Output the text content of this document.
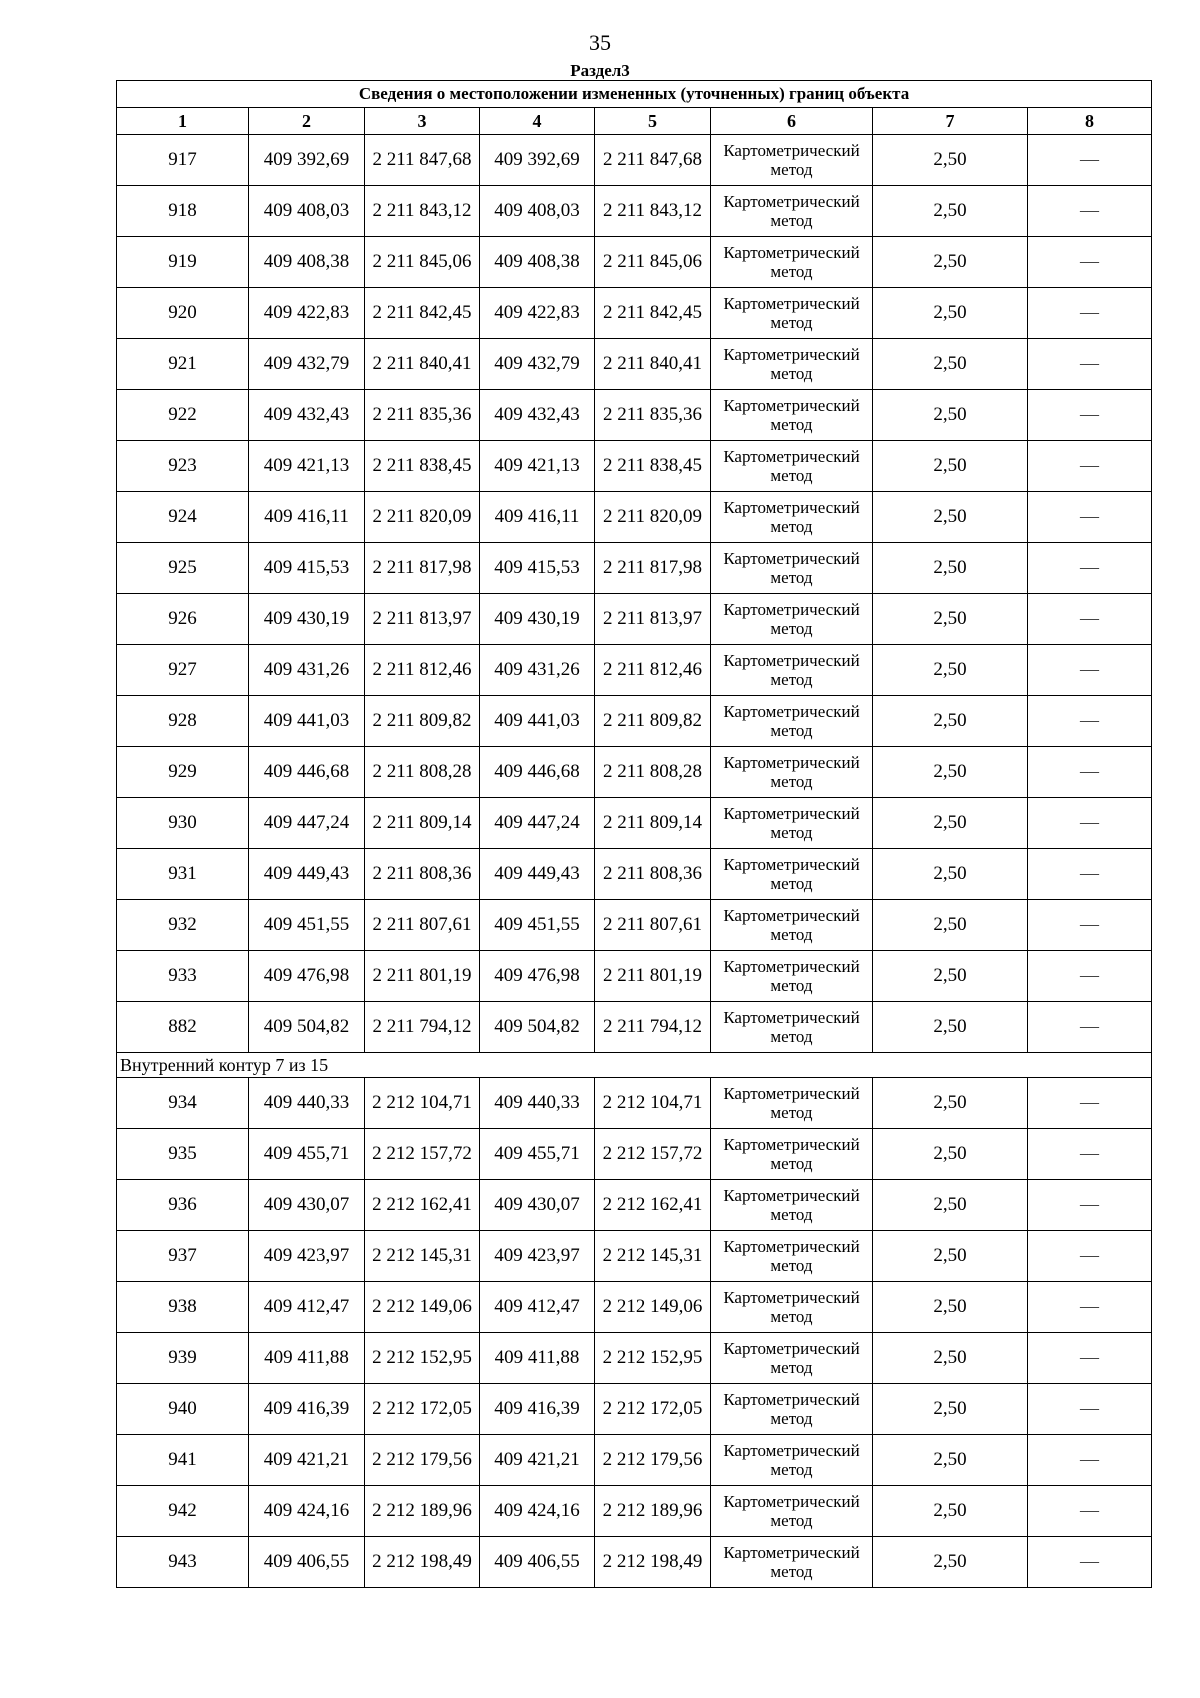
35
Раздел3
Сведения о местоположении измененных (уточненных) границ объекта							
1	2	3	4	5	6	7	8
917	409 392,69	2 211 847,68	409 392,69	2 211 847,68	Картометрический метод	2,50	—
918	409 408,03	2 211 843,12	409 408,03	2 211 843,12	Картометрический метод	2,50	—
919	409 408,38	2 211 845,06	409 408,38	2 211 845,06	Картометрический метод	2,50	—
920	409 422,83	2 211 842,45	409 422,83	2 211 842,45	Картометрический метод	2,50	—
921	409 432,79	2 211 840,41	409 432,79	2 211 840,41	Картометрический метод	2,50	—
922	409 432,43	2 211 835,36	409 432,43	2 211 835,36	Картометрический метод	2,50	—
923	409 421,13	2 211 838,45	409 421,13	2 211 838,45	Картометрический метод	2,50	—
924	409 416,11	2 211 820,09	409 416,11	2 211 820,09	Картометрический метод	2,50	—
925	409 415,53	2 211 817,98	409 415,53	2 211 817,98	Картометрический метод	2,50	—
926	409 430,19	2 211 813,97	409 430,19	2 211 813,97	Картометрический метод	2,50	—
927	409 431,26	2 211 812,46	409 431,26	2 211 812,46	Картометрический метод	2,50	—
928	409 441,03	2 211 809,82	409 441,03	2 211 809,82	Картометрический метод	2,50	—
929	409 446,68	2 211 808,28	409 446,68	2 211 808,28	Картометрический метод	2,50	—
930	409 447,24	2 211 809,14	409 447,24	2 211 809,14	Картометрический метод	2,50	—
931	409 449,43	2 211 808,36	409 449,43	2 211 808,36	Картометрический метод	2,50	—
932	409 451,55	2 211 807,61	409 451,55	2 211 807,61	Картометрический метод	2,50	—
933	409 476,98	2 211 801,19	409 476,98	2 211 801,19	Картометрический метод	2,50	—
882	409 504,82	2 211 794,12	409 504,82	2 211 794,12	Картометрический метод	2,50	—
Внутренний контур 7 из 15							
934	409 440,33	2 212 104,71	409 440,33	2 212 104,71	Картометрический метод	2,50	—
935	409 455,71	2 212 157,72	409 455,71	2 212 157,72	Картометрический метод	2,50	—
936	409 430,07	2 212 162,41	409 430,07	2 212 162,41	Картометрический метод	2,50	—
937	409 423,97	2 212 145,31	409 423,97	2 212 145,31	Картометрический метод	2,50	—
938	409 412,47	2 212 149,06	409 412,47	2 212 149,06	Картометрический метод	2,50	—
939	409 411,88	2 212 152,95	409 411,88	2 212 152,95	Картометрический метод	2,50	—
940	409 416,39	2 212 172,05	409 416,39	2 212 172,05	Картометрический метод	2,50	—
941	409 421,21	2 212 179,56	409 421,21	2 212 179,56	Картометрический метод	2,50	—
942	409 424,16	2 212 189,96	409 424,16	2 212 189,96	Картометрический метод	2,50	—
943	409 406,55	2 212 198,49	409 406,55	2 212 198,49	Картометрический метод	2,50	—
